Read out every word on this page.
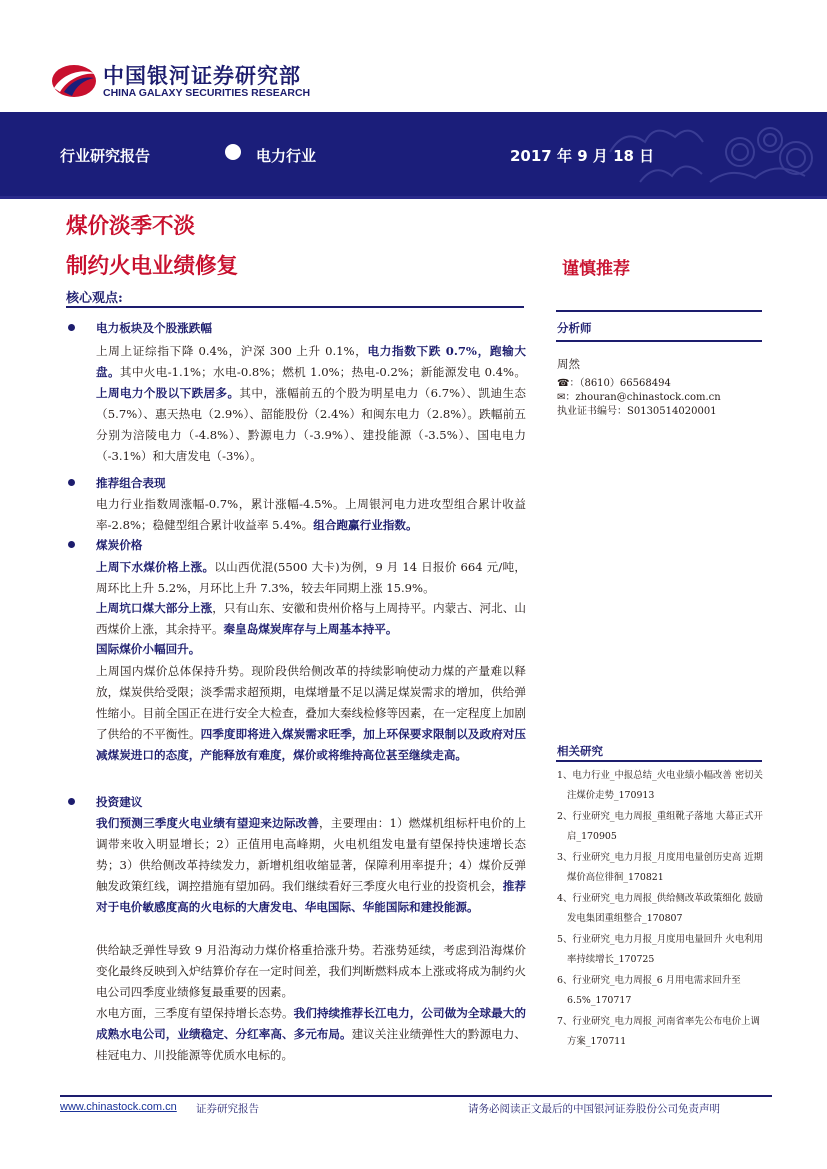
中国银河证券研究部
CHINA GALAXY SECURITIES RESEARCH
行业研究报告	电力行业	2017 年 9 月 18 日
煤价淡季不淡
制约火电业绩修复	谨慎推荐
核心观点:
电力板块及个股涨跌幅
上周上证综指下降 0.4%，沪深 300 上升 0.1%，电力指数下跌 0.7%，跑输大盘。其中火电-1.1%；水电-0.8%；燃机 1.0%；热电-0.2%；新能源发电 0.4%。上周电力个股以下跌居多。其中，涨幅前五的个股为明星电力（6.7%）、凯迪生态（5.7%）、惠天热电（2.9%）、韶能股份（2.4%）和闽东电力（2.8%）。跌幅前五分别为涪陵电力（-4.8%）、黔源电力（-3.9%）、建投能源（-3.5%）、国电电力（-3.1%）和大唐发电（-3%）。
推荐组合表现
电力行业指数周涨幅-0.7%，累计涨幅-4.5%。上周银河电力进攻型组合累计收益率-2.8%；稳健型组合累计收益率 5.4%。组合跑赢行业指数。
煤炭价格
上周下水煤价格上涨。以山西优混(5500 大卡)为例，9 月 14 日报价 664 元/吨，周环比上升 5.2%，月环比上升 7.3%，较去年同期上涨 15.9%。
上周坑口煤大部分上涨，只有山东、安徽和贵州价格与上周持平。内蒙古、河北、山西煤价上涨，其余持平。秦皇岛煤炭库存与上周基本持平。
国际煤价小幅回升。
上周国内煤价总体保持升势。现阶段供给侧改革的持续影响使动力煤的产量难以释放，煤炭供给受限；淡季需求超预期，电煤增量不足以满足煤炭需求的增加，供给弹性缩小。目前全国正在进行安全大检查，叠加大秦线检修等因素，在一定程度上加剧了供给的不平衡性。四季度即将进入煤炭需求旺季，加上环保要求限制以及政府对压减煤炭进口的态度，产能释放有难度，煤价或将维持高位甚至继续走高。
投资建议
我们预测三季度火电业绩有望迎来边际改善，主要理由：1）燃煤机组标杆电价的上调带来收入明显增长；2）正值用电高峰期，火电机组发电量有望保持快速增长态势；3）供给侧改革持续发力，新增机组收缩显著，保障利用率提升；4）煤价反弹触发政策红线，调控措施有望加码。我们继续看好三季度火电行业的投资机会，推荐对于电价敏感度高的火电标的大唐发电、华电国际、华能国际和建投能源。
供给缺乏弹性导致 9 月沿海动力煤价格重拾涨升势。若涨势延续，考虑到沿海煤价变化最终反映到入炉结算价存在一定时间差，我们判断燃料成本上涨或将成为制约火电公司四季度业绩修复最重要的因素。
水电方面，三季度有望保持增长态势。我们持续推荐长江电力，公司做为全球最大的成熟水电公司，业绩稳定、分红率高、多元布局。建议关注业绩弹性大的黔源电力、桂冠电力、川投能源等优质水电标的。
分析师
周然
☎：（8610）66568494
✉：zhouran@chinastock.com.cn
执业证书编号：S0130514020001
相关研究
1、电力行业_中报总结_火电业绩小幅改善 密切关注煤价走势_170913
2、行业研究_电力周报_重组靴子落地 大幕正式开启_170905
3、行业研究_电力月报_月度用电量创历史高 近期煤价高位徘徊_170821
4、行业研究_电力周报_供给侧改革政策细化 鼓励发电集团重组整合_170807
5、行业研究_电力月报_月度用电量回升 火电利用率持续增长_170725
6、行业研究_电力周报_6 月用电需求回升至 6.5%_170717
7、行业研究_电力周报_河南省率先公布电价上调方案_170711
www.chinastock.com.cn 证券研究报告	请务必阅读正文最后的中国银河证券股份公司免责声明
